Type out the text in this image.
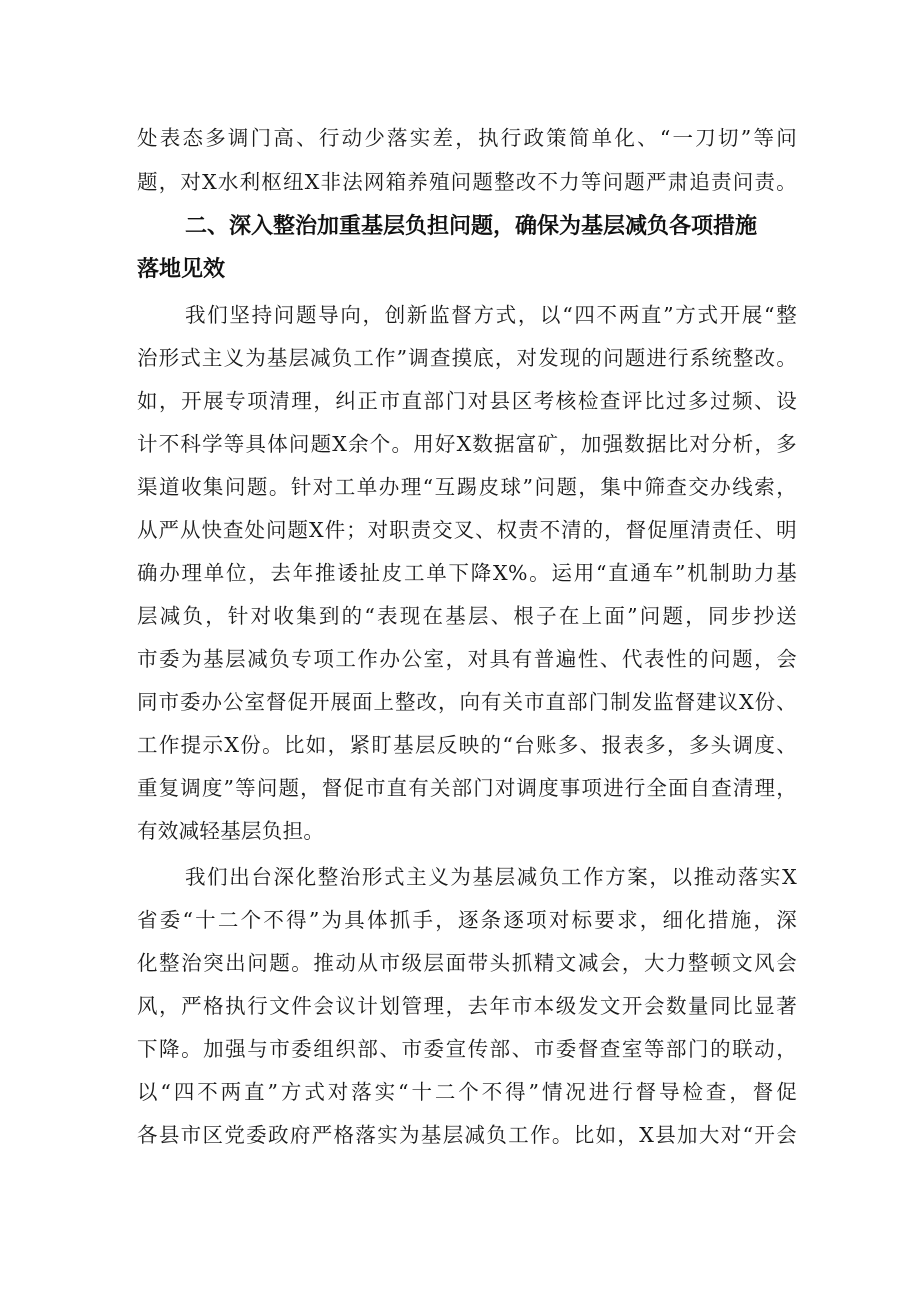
处表态多调门高、行动少落实差，执行政策简单化、“一刀切”等问
题，对X水利枢纽X非法网箱养殖问题整改不力等问题严肃追责问责。
二、深入整治加重基层负担问题，确保为基层减负各项措施
落地见效
我们坚持问题导向，创新监督方式，以“四不两直”方式开展“整
治形式主义为基层减负工作”调查摸底，对发现的问题进行系统整改。
如，开展专项清理，纠正市直部门对县区考核检查评比过多过频、设
计不科学等具体问题X余个。用好X数据富矿，加强数据比对分析，多
渠道收集问题。针对工单办理“互踢皮球”问题，集中筛查交办线索，
从严从快查处问题X件；对职责交叉、权责不清的，督促厘清责任、明
确办理单位，去年推诿扯皮工单下降X%。运用“直通车”机制助力基
层减负，针对收集到的“表现在基层、根子在上面”问题，同步抄送
市委为基层减负专项工作办公室，对具有普遍性、代表性的问题，会
同市委办公室督促开展面上整改，向有关市直部门制发监督建议X份、
工作提示X份。比如，紧盯基层反映的“台账多、报表多，多头调度、
重复调度”等问题，督促市直有关部门对调度事项进行全面自查清理，
有效减轻基层负担。
我们出台深化整治形式主义为基层减负工作方案，以推动落实X
省委“十二个不得”为具体抓手，逐条逐项对标要求，细化措施，深
化整治突出问题。推动从市级层面带头抓精文减会，大力整顿文风会
风，严格执行文件会议计划管理，去年市本级发文开会数量同比显著
下降。加强与市委组织部、市委宣传部、市委督查室等部门的联动，
以“四不两直”方式对落实“十二个不得”情况进行督导检查，督促
各县市区党委政府严格落实为基层减负工作。比如，X县加大对“开会
